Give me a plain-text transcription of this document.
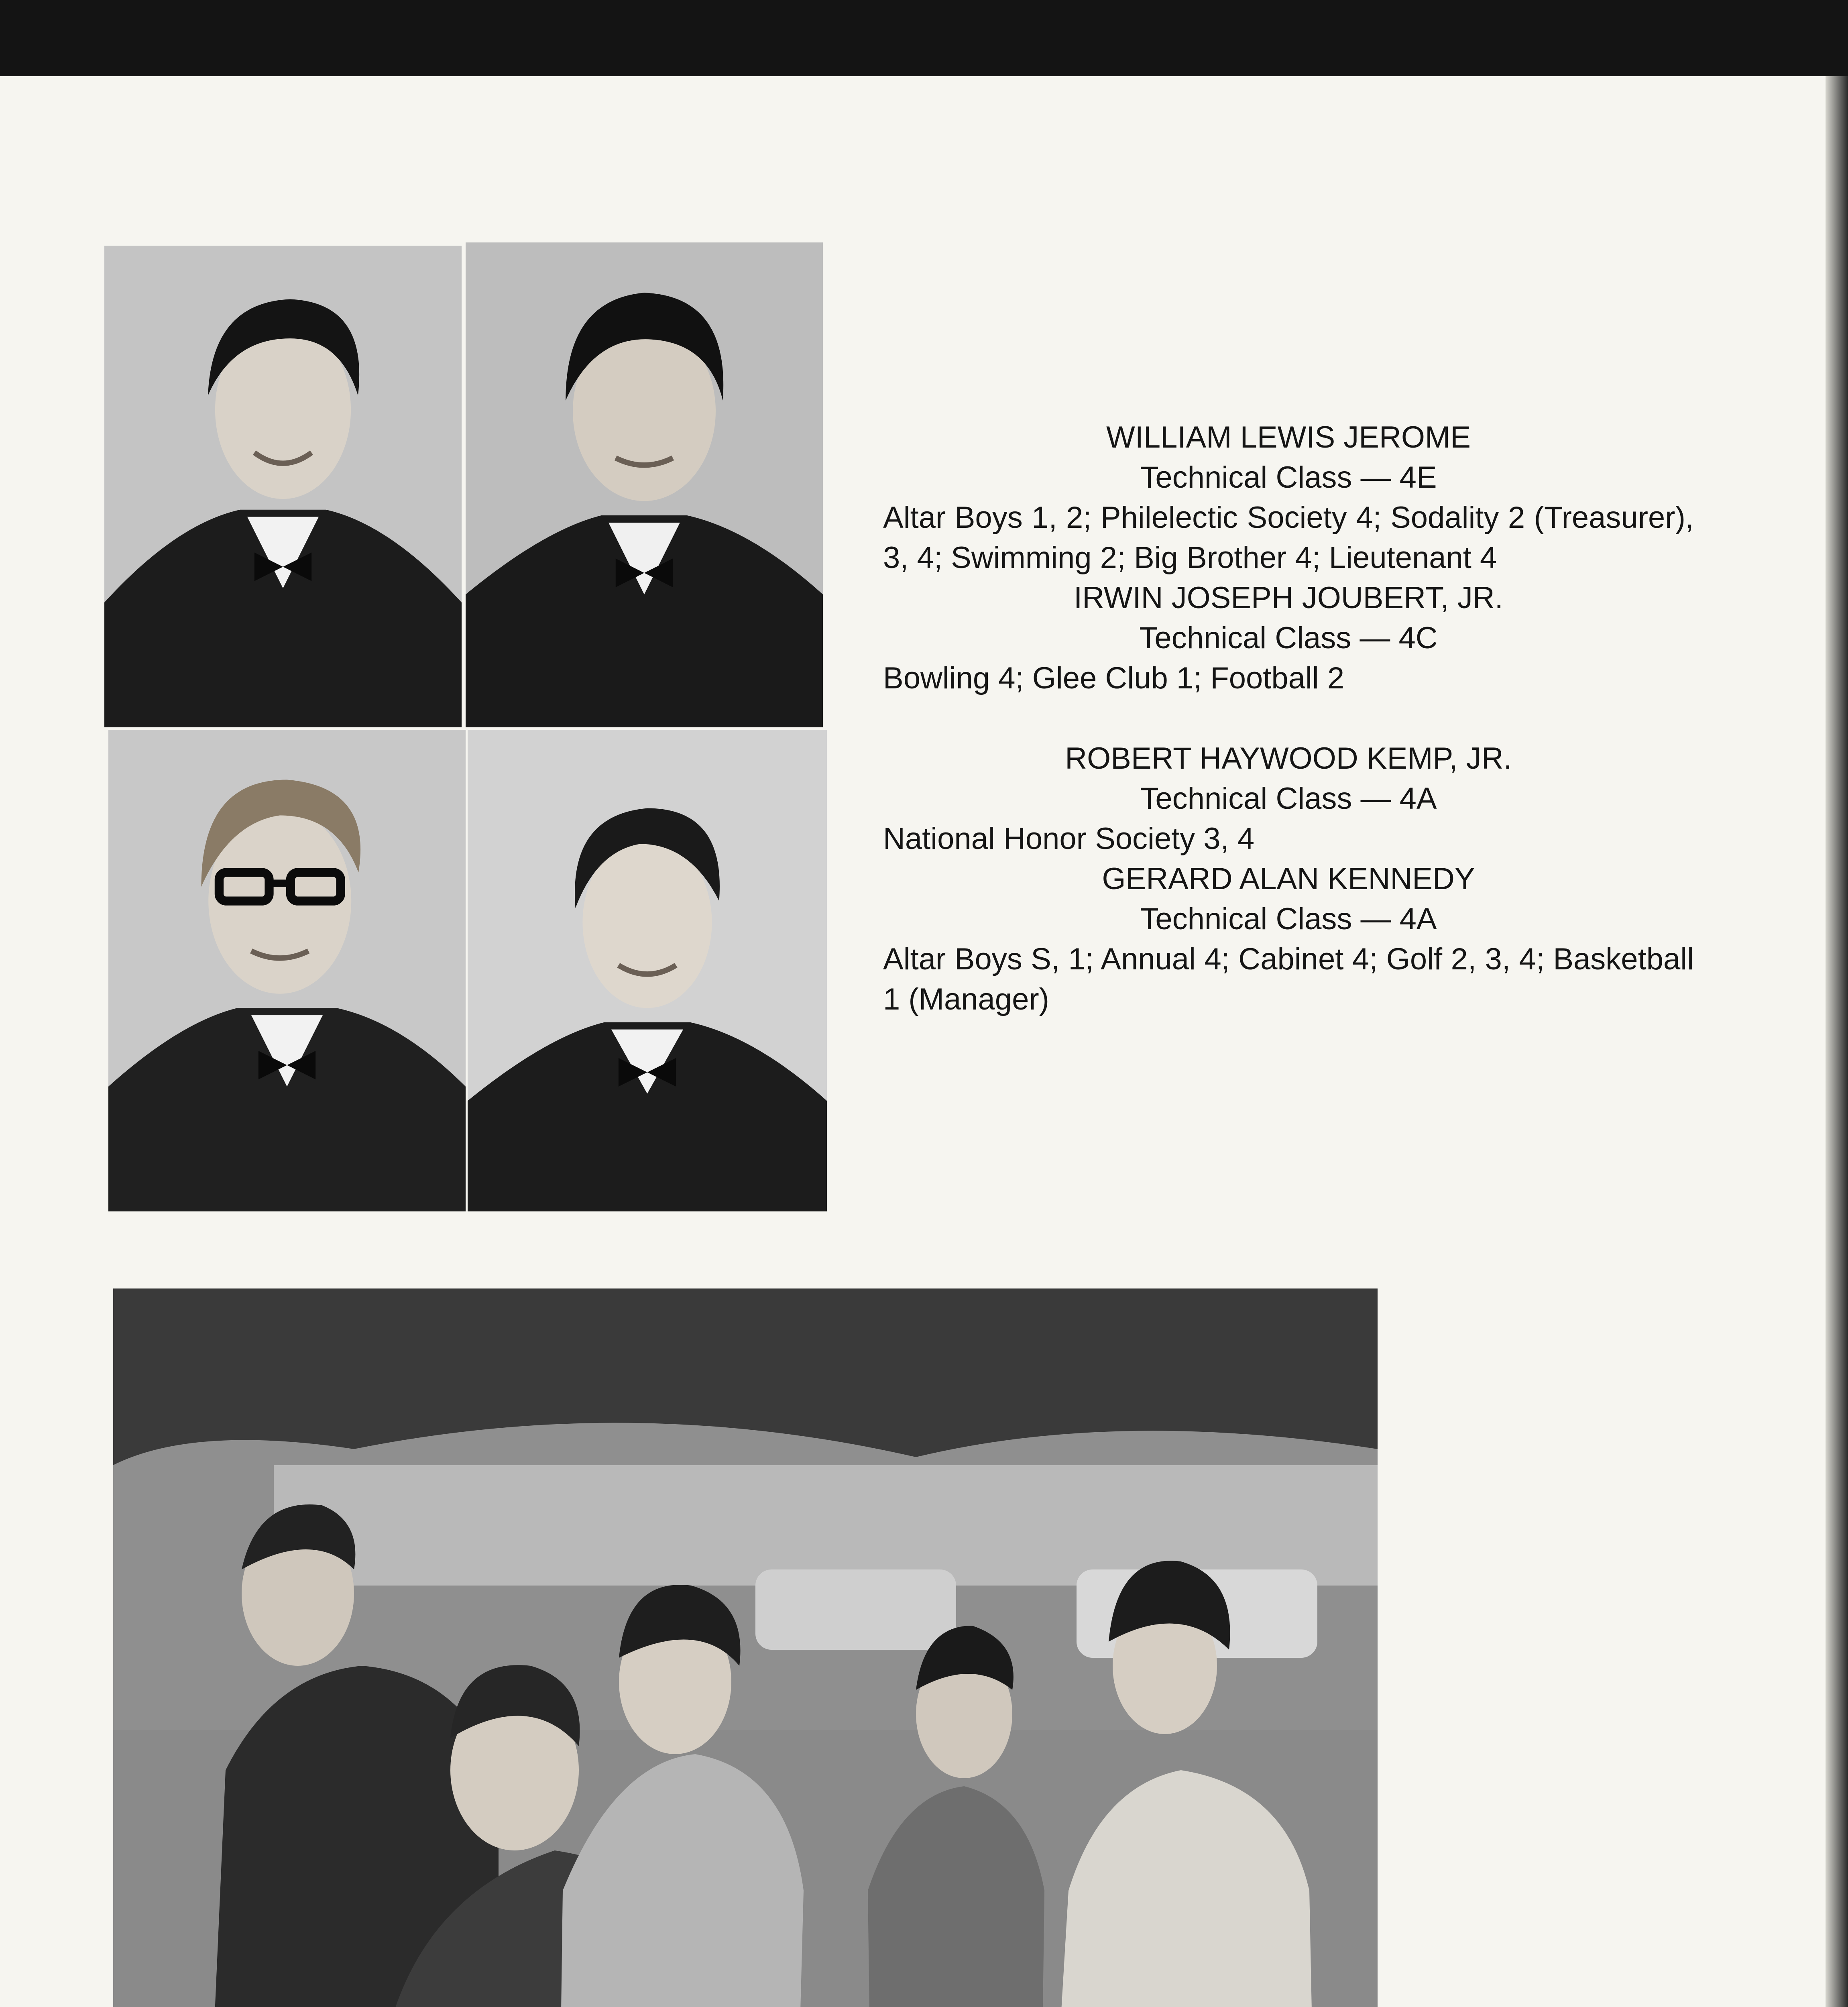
WILLIAM LEWIS JEROME
Technical Class — 4E
Altar Boys 1, 2; Philelectic Society 4; Sodality 2 (Treasurer), 3, 4; Swimming 2; Big Brother 4; Lieutenant 4
IRWIN JOSEPH JOUBERT, JR.
Technical Class — 4C
Bowling 4; Glee Club 1; Football 2
ROBERT HAYWOOD KEMP, JR.
Technical Class — 4A
National Honor Society 3, 4
GERARD ALAN KENNEDY
Technical Class — 4A
Altar Boys S, 1; Annual 4; Cabinet 4; Golf 2, 3, 4; Basketball 1 (Manager)
